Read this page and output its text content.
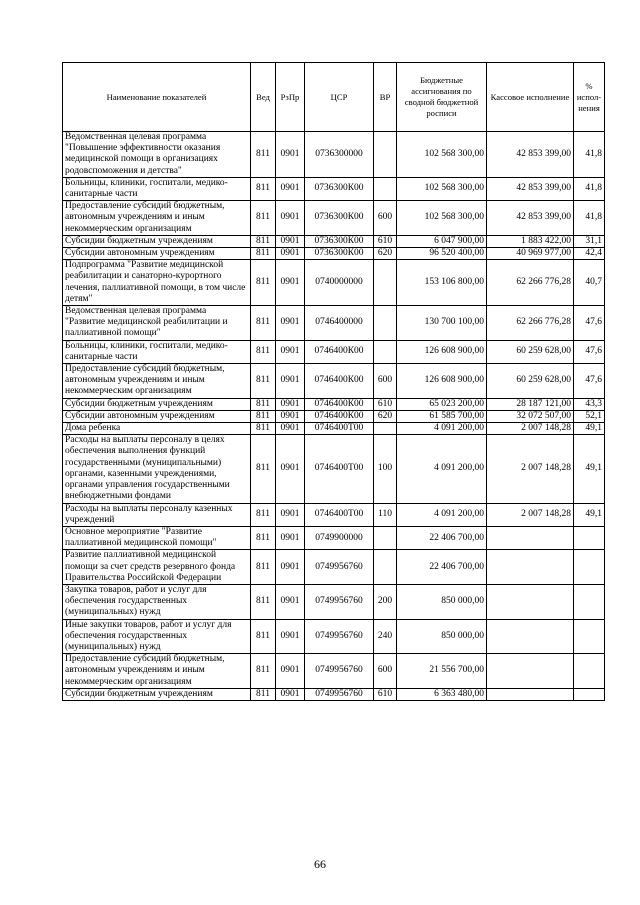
Наименование показателей	Вед	РзПр	ЦСР	ВР	Бюджетные ассигнования по сводной бюджетной росписи	Кассовое исполнение	% испол-нения
Ведомственная целевая программа "Повышение эффективности оказания медицинской помощи в организациях родовспоможения и детства"	811	0901	0736300000		102 568 300,00	42 853 399,00	41,8
Больницы, клиники, госпитали, медико-санитарные части	811	0901	0736300К00		102 568 300,00	42 853 399,00	41,8
Предоставление субсидий бюджетным, автономным учреждениям и иным некоммерческим организациям	811	0901	0736300К00	600	102 568 300,00	42 853 399,00	41,8
Субсидии бюджетным учреждениям	811	0901	0736300К00	610	6 047 900,00	1 883 422,00	31,1
Субсидии автономным учреждениям	811	0901	0736300К00	620	96 520 400,00	40 969 977,00	42,4
Подпрограмма "Развитие медицинской реабилитации и санаторно-курортного лечения, паллиативной помощи, в том числе детям"	811	0901	0740000000		153 106 800,00	62 266 776,28	40,7
Ведомственная целевая программа "Развитие медицинской реабилитации и паллиативной помощи"	811	0901	0746400000		130 700 100,00	62 266 776,28	47,6
Больницы, клиники, госпитали, медико-санитарные части	811	0901	0746400К00		126 608 900,00	60 259 628,00	47,6
Предоставление субсидий бюджетным, автономным учреждениям и иным некоммерческим организациям	811	0901	0746400К00	600	126 608 900,00	60 259 628,00	47,6
Субсидии бюджетным учреждениям	811	0901	0746400К00	610	65 023 200,00	28 187 121,00	43,3
Субсидии автономным учреждениям	811	0901	0746400К00	620	61 585 700,00	32 072 507,00	52,1
Дома ребенка	811	0901	0746400Т00		4 091 200,00	2 007 148,28	49,1
Расходы на выплаты персоналу в целях обеспечения выполнения функций государственными (муниципальными) органами, казенными учреждениями, органами управления государственными внебюджетными фондами	811	0901	0746400Т00	100	4 091 200,00	2 007 148,28	49,1
Расходы на выплаты персоналу казенных учреждений	811	0901	0746400Т00	110	4 091 200,00	2 007 148,28	49,1
Основное мероприятие "Развитие паллиативной медицинской помощи"	811	0901	0749900000		22 406 700,00		
Развитие паллиативной медицинской помощи за счет средств резервного фонда Правительства Российской Федерации	811	0901	0749956760		22 406 700,00		
Закупка товаров, работ и услуг для обеспечения государственных (муниципальных) нужд	811	0901	0749956760	200	850 000,00		
Иные закупки товаров, работ и услуг для обеспечения государственных (муниципальных) нужд	811	0901	0749956760	240	850 000,00		
Предоставление субсидий бюджетным, автономным учреждениям и иным некоммерческим организациям	811	0901	0749956760	600	21 556 700,00		
Субсидии бюджетным учреждениям	811	0901	0749956760	610	6 363 480,00		
66
